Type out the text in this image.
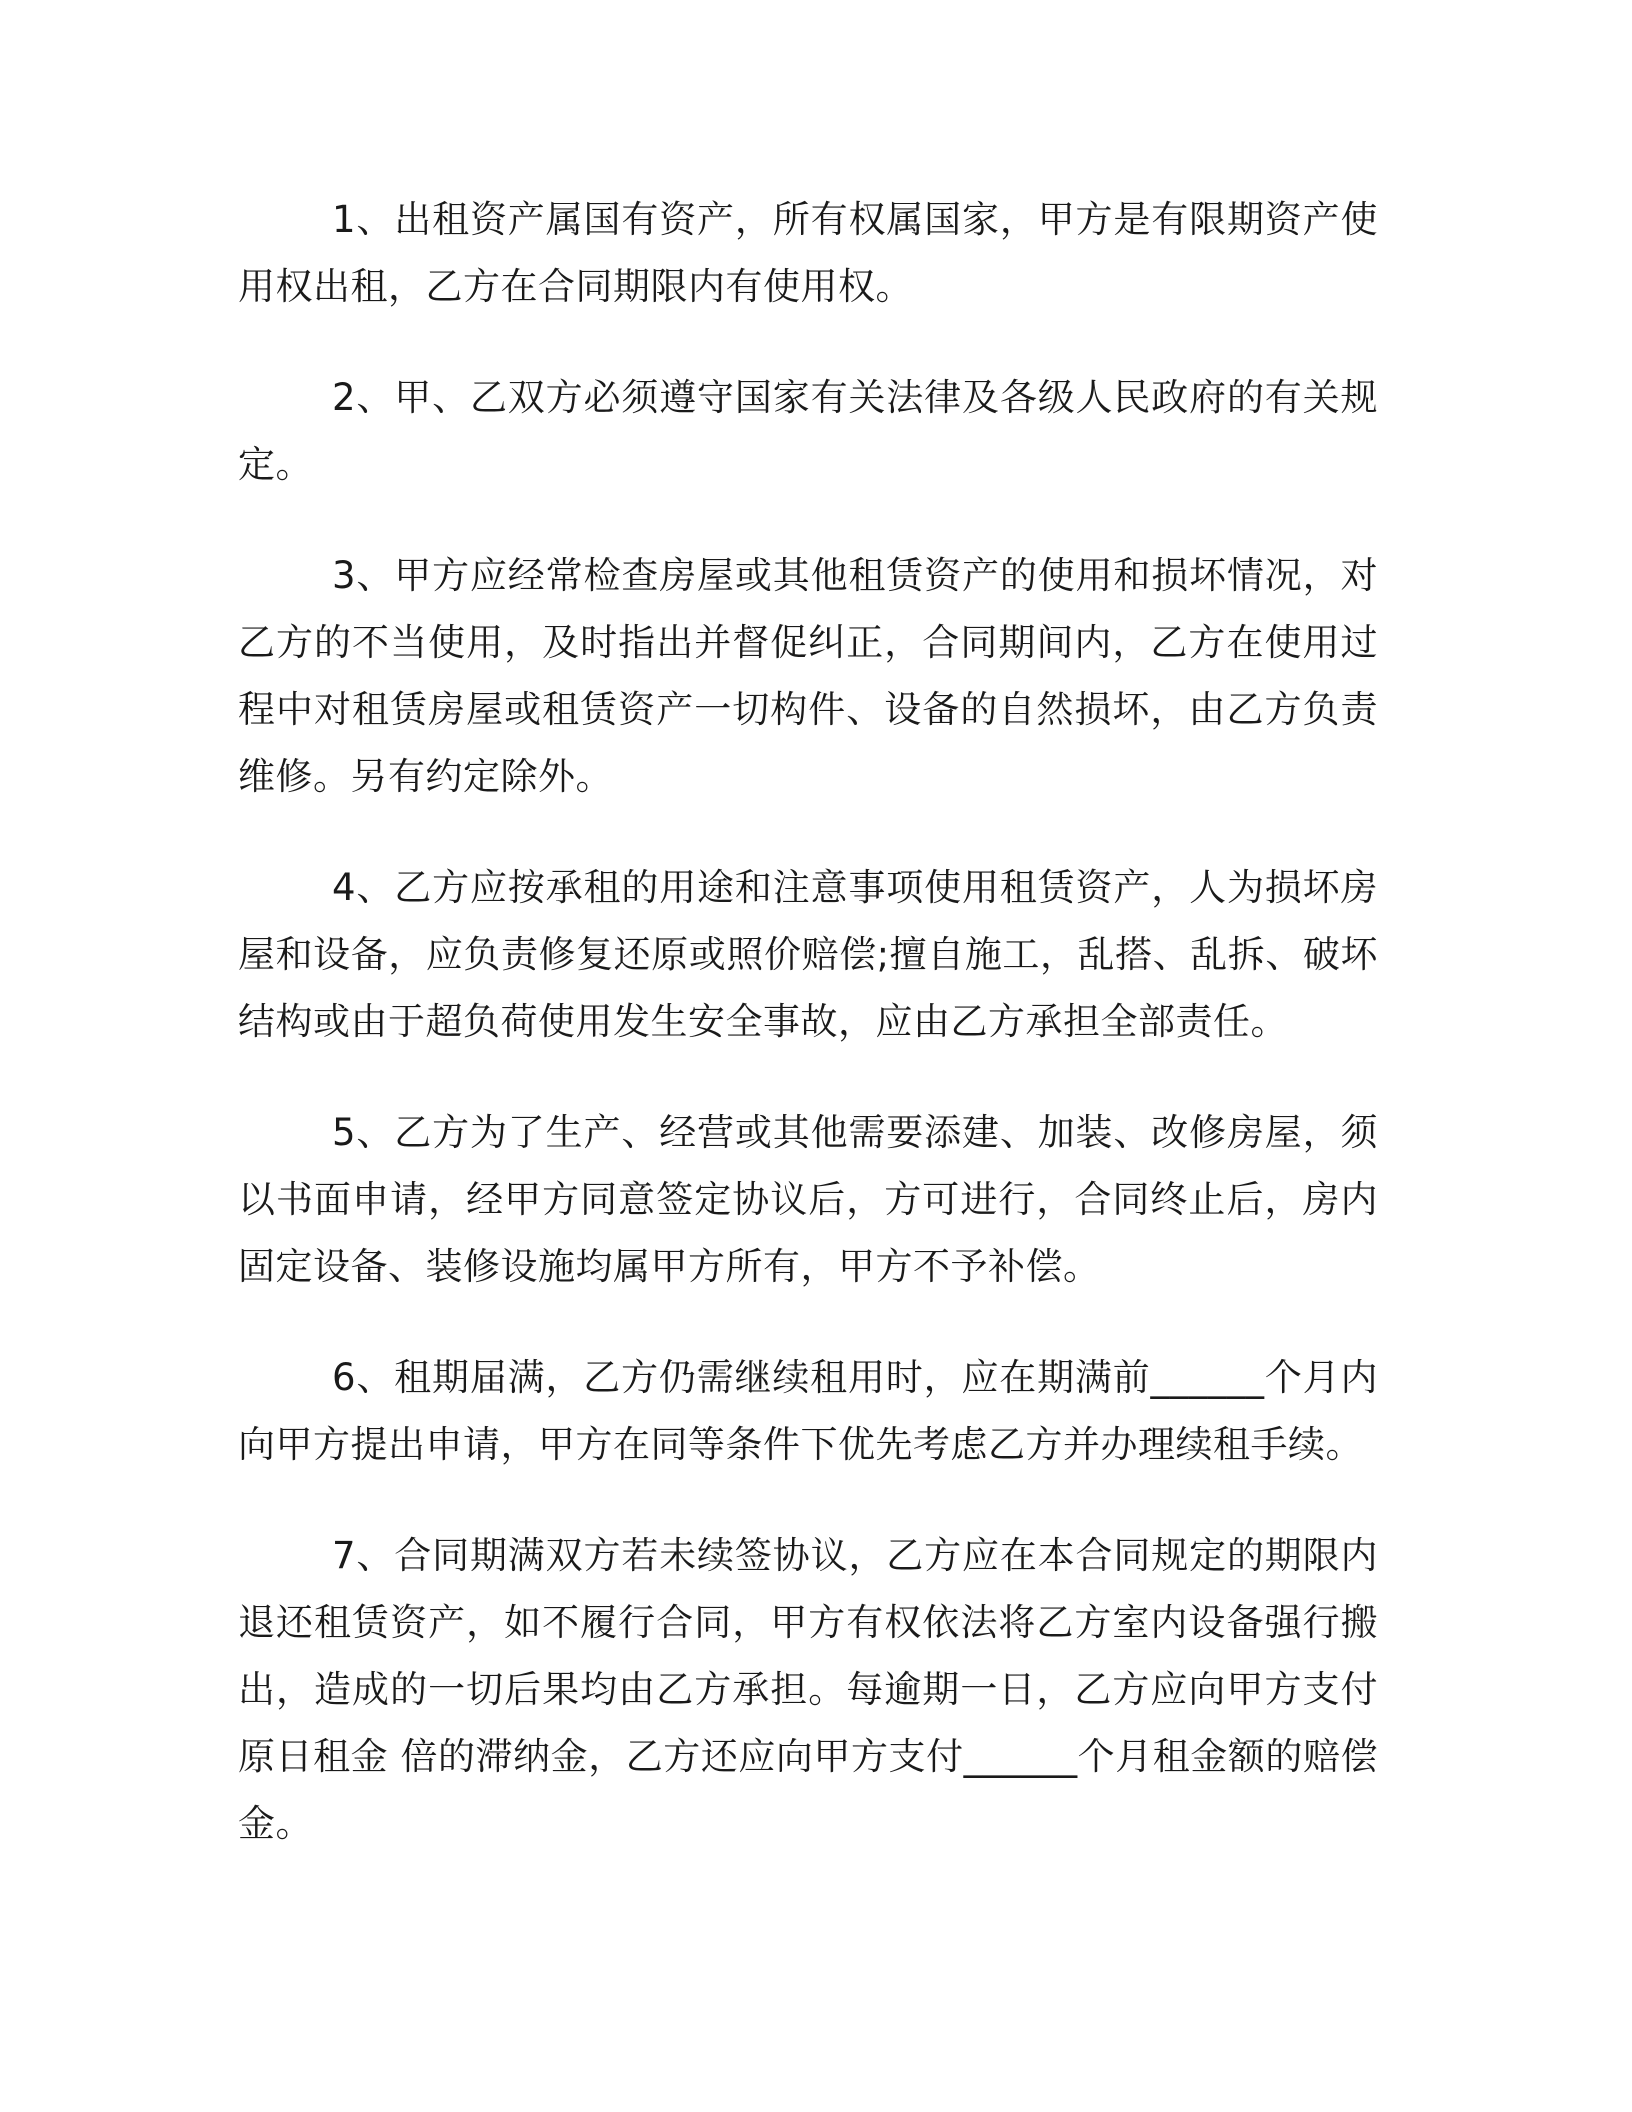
1、出租资产属国有资产，所有权属国家，甲方是有限期资产使用权出租，乙方在合同期限内有使用权。

2、甲、乙双方必须遵守国家有关法律及各级人民政府的有关规定。

3、甲方应经常检查房屋或其他租赁资产的使用和损坏情况，对乙方的不当使用，及时指出并督促纠正，合同期间内，乙方在使用过程中对租赁房屋或租赁资产一切构件、设备的自然损坏，由乙方负责维修。另有约定除外。

4、乙方应按承租的用途和注意事项使用租赁资产，人为损坏房屋和设备，应负责修复还原或照价赔偿;擅自施工，乱搭、乱拆、破坏结构或由于超负荷使用发生安全事故，应由乙方承担全部责任。

5、乙方为了生产、经营或其他需要添建、加装、改修房屋，须以书面申请，经甲方同意签定协议后，方可进行，合同终止后，房内固定设备、装修设施均属甲方所有，甲方不予补偿。

6、租期届满，乙方仍需继续租用时，应在期满前______个月内向甲方提出申请，甲方在同等条件下优先考虑乙方并办理续租手续。

7、合同期满双方若未续签协议，乙方应在本合同规定的期限内退还租赁资产，如不履行合同，甲方有权依法将乙方室内设备强行搬出，造成的一切后果均由乙方承担。每逾期一日，乙方应向甲方支付原日租金 倍的滞纳金，乙方还应向甲方支付______个月租金额的赔偿金。
